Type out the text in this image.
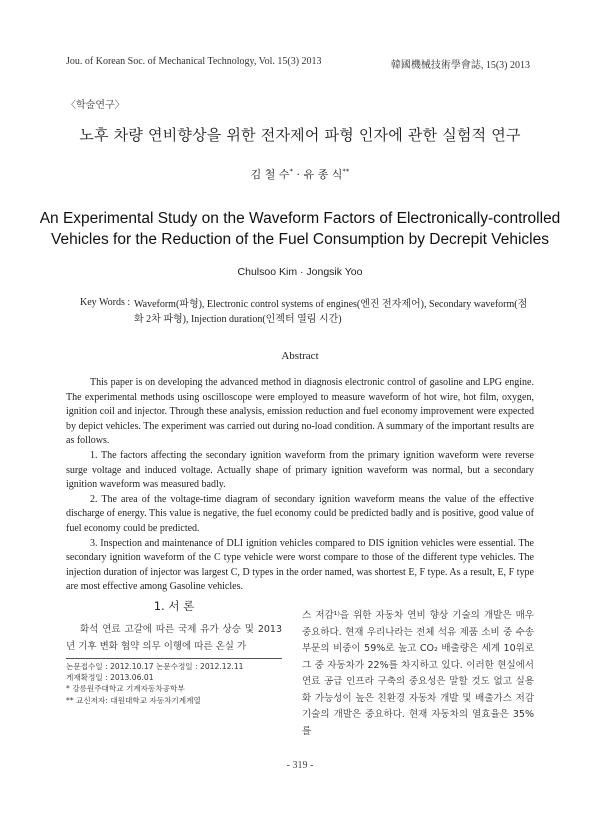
Jou. of Korean Soc. of Mechanical Technology, Vol. 15(3) 2013	韓國機械技術學會誌, 15(3) 2013
〈학술연구〉
노후 차량 연비향상을 위한 전자제어 파형 인자에 관한 실험적 연구
김 철 수* · 유 종 식**
An Experimental Study on the Waveform Factors of Electronically-controlled
Vehicles for the Reduction of the Fuel Consumption by Decrepit Vehicles
Chulsoo Kim · Jongsik Yoo
Key Words : Waveform(파형), Electronic control systems of engines(엔진 전자제어), Secondary waveform(점화 2차 파형), Injection duration(인젝터 열림 시간)
Abstract

This paper is on developing the advanced method in diagnosis electronic control of gasoline and LPG engine. The experimental methods using oscilloscope were employed to measure waveform of hot wire, hot film, oxygen, ignition coil and injector. Through these analysis, emission reduction and fuel economy improvement were expected by depict vehicles. The experiment was carried out during no-load condition. A summary of the important results are as follows.

1. The factors affecting the secondary ignition waveform from the primary ignition waveform were reverse surge voltage and induced voltage. Actually shape of primary ignition waveform was normal, but a secondary ignition waveform was measured badly.

2. The area of the voltage-time diagram of secondary ignition waveform means the value of the effective discharge of energy. This value is negative, the fuel economy could be predicted badly and is positive, good value of fuel economy could be predicted.

3. Inspection and maintenance of DLI ignition vehicles compared to DIS ignition vehicles were essential. The secondary ignition waveform of the C type vehicle were worst compare to those of the different type vehicles. The injection duration of injector was largest C, D types in the order named, was shortest E, F type. As a result, E, F type are most effective among Gasoline vehicles.

1. 서 론

화석 연료 고갈에 따른 국제 유가 상승 및 2013년 기후 변화 협약 의무 이행에 따른 온실 가

논문접수일 : 2012.10.17 논문수정일 : 2012.12.11
게재확정일 : 2013.06.01
* 강릉원주대학교 기계자동차공학부
** 교신저자: 대원대학교 자동차기계계열

스 저감¹⁾을 위한 자동차 연비 향상 기술의 개발은 매우 중요하다. 현재 우리나라는 전체 석유 제품 소비 중 수송부문의 비중이 59%로 높고 CO₂ 배출량은 세계 10위로 그 중 자동차가 22%를 차지하고 있다. 이러한 현실에서 연료 공급 인프라 구축의 중요성은 말할 것도 없고 실용화 가능성이 높은 친환경 자동차 개발 및 배출가스 저감 기술의 개발은 중요하다. 현재 자동차의 열효율은 35%를

- 319 -
